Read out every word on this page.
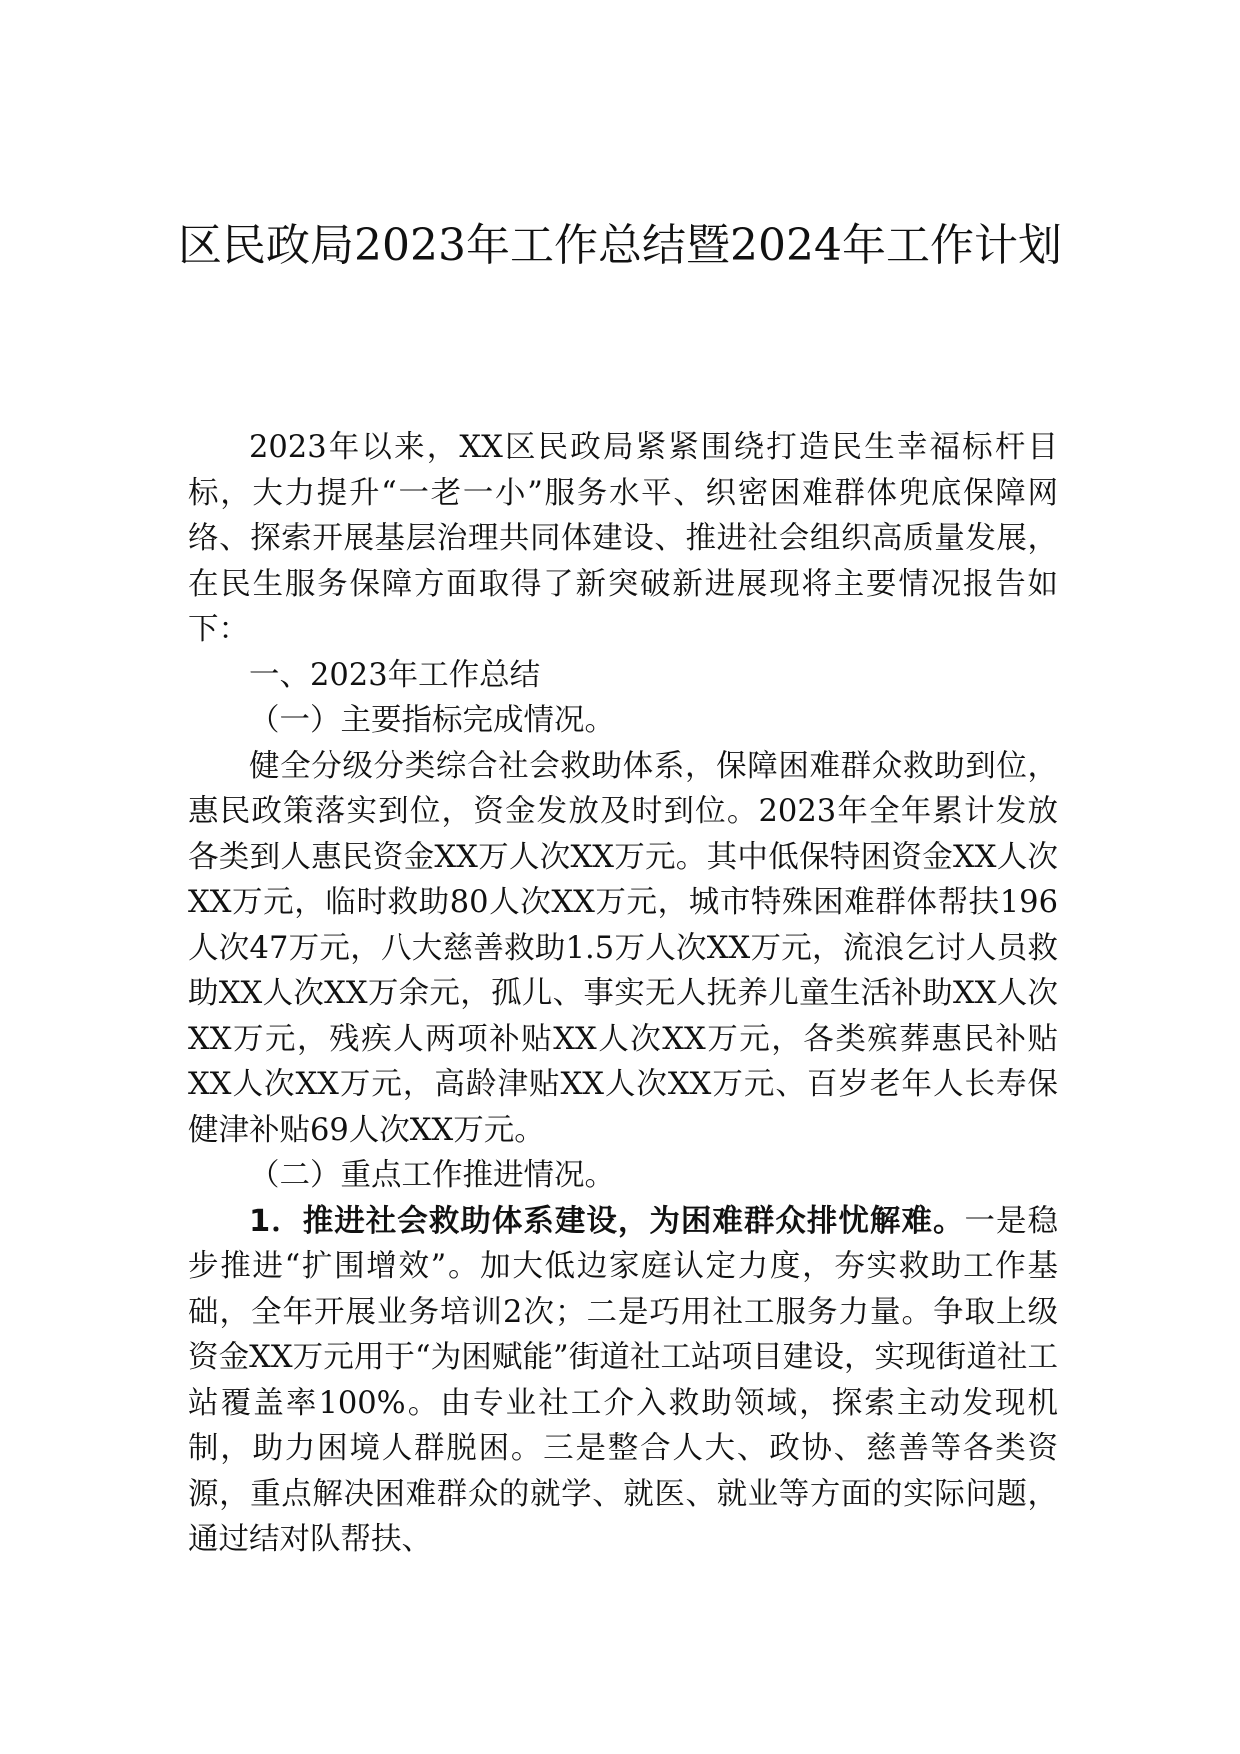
区民政局2023年工作总结暨2024年工作计划

2023年以来，XX区民政局紧紧围绕打造民生幸福标杆目标，大力提升“一老一小”服务水平、织密困难群体兜底保障网络、探索开展基层治理共同体建设、推进社会组织高质量发展，在民生服务保障方面取得了新突破新进展现将主要情况报告如下：

一、2023年工作总结

（一）主要指标完成情况。

健全分级分类综合社会救助体系，保障困难群众救助到位，惠民政策落实到位，资金发放及时到位。2023年全年累计发放各类到人惠民资金XX万人次XX万元。其中低保特困资金XX人次XX万元，临时救助80人次XX万元，城市特殊困难群体帮扶196人次47万元，八大慈善救助1.5万人次XX万元，流浪乞讨人员救助XX人次XX万余元，孤儿、事实无人抚养儿童生活补助XX人次XX万元，残疾人两项补贴XX人次XX万元，各类殡葬惠民补贴XX人次XX万元，高龄津贴XX人次XX万元、百岁老年人长寿保健津补贴69人次XX万元。

（二）重点工作推进情况。

1．推进社会救助体系建设，为困难群众排忧解难。一是稳步推进“扩围增效”。加大低边家庭认定力度，夯实救助工作基础，全年开展业务培训2次；二是巧用社工服务力量。争取上级资金XX万元用于“为困赋能”街道社工站项目建设，实现街道社工站覆盖率100%。由专业社工介入救助领域，探索主动发现机制，助力困境人群脱困。三是整合人大、政协、慈善等各类资源，重点解决困难群众的就学、就医、就业等方面的实际问题，通过结对队帮扶、
